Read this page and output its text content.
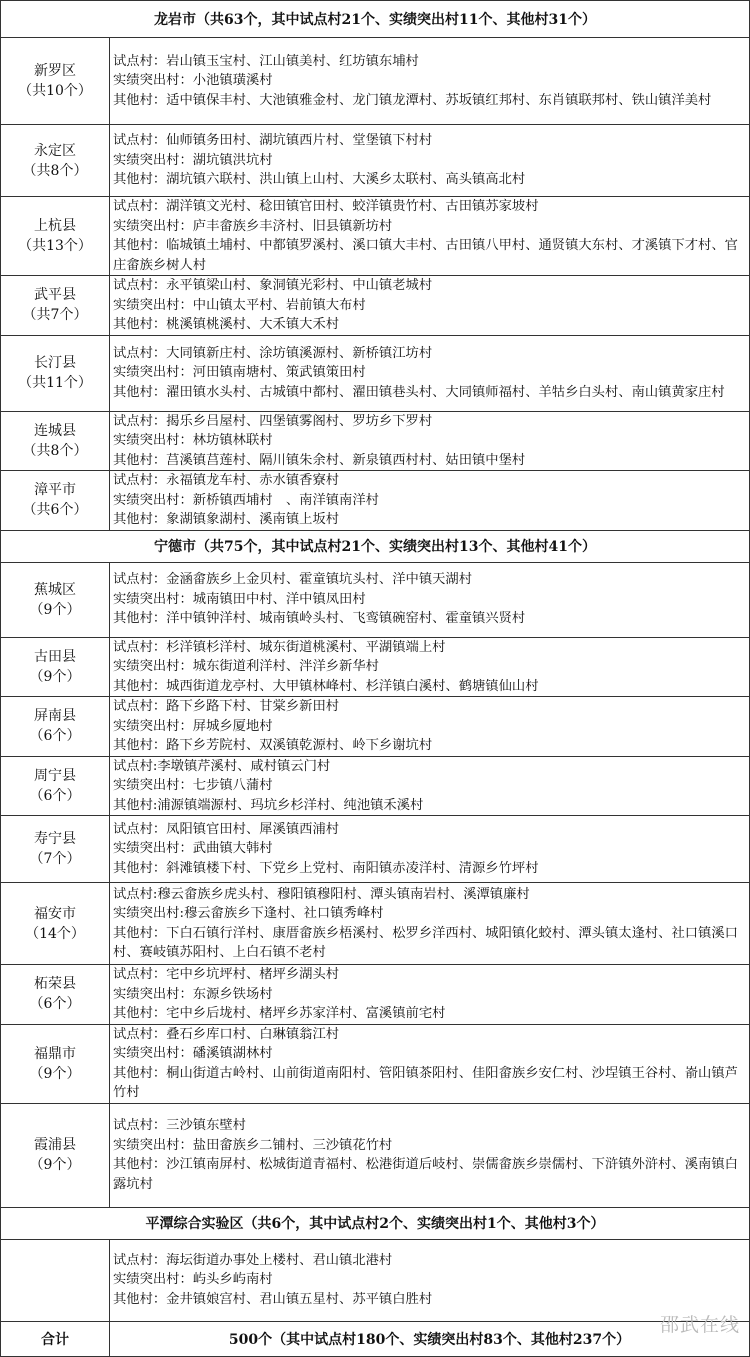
龙岩市（共63个，其中试点村21个、实绩突出村11个、其他村31个）	

新罗区
（共10个）	试点村：岩山镇玉宝村、江山镇美村、红坊镇东埔村
实绩突出村：小池镇璜溪村
其他村：适中镇保丰村、大池镇雅金村、龙门镇龙潭村、苏坂镇红邦村、东肖镇联邦村、铁山镇洋美村

永定区
（共8个）	试点村：仙师镇务田村、湖坑镇西片村、堂堡镇下村村
实绩突出村：湖坑镇洪坑村
其他村：湖坑镇六联村、洪山镇上山村、大溪乡太联村、高头镇高北村

上杭县
（共13个）	试点村：湖洋镇文光村、稔田镇官田村、蛟洋镇贵竹村、古田镇苏家坡村
实绩突出村：庐丰畲族乡丰济村、旧县镇新坊村
其他村：临城镇土埔村、中都镇罗溪村、溪口镇大丰村、古田镇八甲村、通贤镇大东村、才溪镇下才村、官庄畲族乡树人村

武平县
（共7个）	试点村：永平镇梁山村、象洞镇光彩村、中山镇老城村
实绩突出村：中山镇太平村、岩前镇大布村
其他村：桃溪镇桃溪村、大禾镇大禾村

长汀县
（共11个）	试点村：大同镇新庄村、涂坊镇溪源村、新桥镇江坊村
实绩突出村：河田镇南塘村、策武镇策田村
其他村：濯田镇水头村、古城镇中都村、濯田镇巷头村、大同镇师福村、羊牯乡白头村、南山镇黄家庄村

连城县
（共8个）	试点村：揭乐乡吕屋村、四堡镇雾阁村、罗坊乡下罗村
实绩突出村：林坊镇林联村
其他村：莒溪镇莒莲村、隔川镇朱余村、新泉镇西村村、姑田镇中堡村

漳平市
（共6个）	试点村：永福镇龙车村、赤水镇香寮村
实绩突出村：新桥镇西埔村　、南洋镇南洋村
其他村：象湖镇象湖村、溪南镇上坂村

宁德市（共75个，其中试点村21个、实绩突出村13个、其他村41个）	

蕉城区
（9个）	试点村：金涵畲族乡上金贝村、霍童镇坑头村、洋中镇天湖村
实绩突出村：城南镇田中村、洋中镇凤田村
其他村：洋中镇钟洋村、城南镇岭头村、飞鸾镇碗窑村、霍童镇兴贤村

古田县
（9个）	试点村：杉洋镇杉洋村、城东街道桃溪村、平湖镇端上村
实绩突出村：城东街道利洋村、泮洋乡新华村
其他村：城西街道龙亭村、大甲镇林峰村、杉洋镇白溪村、鹤塘镇仙山村

屏南县
（6个）	试点村：路下乡路下村、甘棠乡新田村
实绩突出村：屏城乡厦地村
其他村：路下乡芳院村、双溪镇乾源村、岭下乡谢坑村

周宁县
（6个）	试点村:李墩镇芹溪村、咸村镇云门村
实绩突出村：七步镇八蒲村
其他村:浦源镇端源村、玛坑乡杉洋村、纯池镇禾溪村

寿宁县
（7个）	试点村：凤阳镇官田村、犀溪镇西浦村
实绩突出村：武曲镇大韩村
其他村：斜滩镇楼下村、下党乡上党村、南阳镇赤凌洋村、清源乡竹坪村

福安市
（14个）	试点村:穆云畲族乡虎头村、穆阳镇穆阳村、潭头镇南岩村、溪潭镇廉村
实绩突出村:穆云畲族乡下逢村、社口镇秀峰村
其他村：下白石镇行洋村、康厝畲族乡梧溪村、松罗乡洋西村、城阳镇化蛟村、潭头镇太逢村、社口镇溪口村、赛岐镇苏阳村、上白石镇不老村

柘荣县
（6个）	试点村：宅中乡坑坪村、楮坪乡湖头村
实绩突出村：东源乡铁场村
其他村：宅中乡后垅村、楮坪乡苏家洋村、富溪镇前宅村

福鼎市
（9个）	试点村：叠石乡库口村、白琳镇翁江村
实绩突出村：磻溪镇湖林村
其他村：桐山街道古岭村、山前街道南阳村、管阳镇茶阳村、佳阳畲族乡安仁村、沙埕镇王谷村、嵛山镇芦竹村

霞浦县
（9个）	试点村：三沙镇东壁村
实绩突出村：盐田畲族乡二铺村、三沙镇花竹村
其他村：沙江镇南屏村、松城街道青福村、松港街道后岐村、崇儒畲族乡崇儒村、下浒镇外浒村、溪南镇白露坑村

平潭综合实验区（共6个，其中试点村2个、实绩突出村1个、其他村3个）	

	试点村：海坛街道办事处上楼村、君山镇北港村
实绩突出村：屿头乡屿南村
其他村：金井镇娘宫村、君山镇五星村、苏平镇白胜村

合计	500个（其中试点村180个、实绩突出村83个、其他村237个） 邵武在线
